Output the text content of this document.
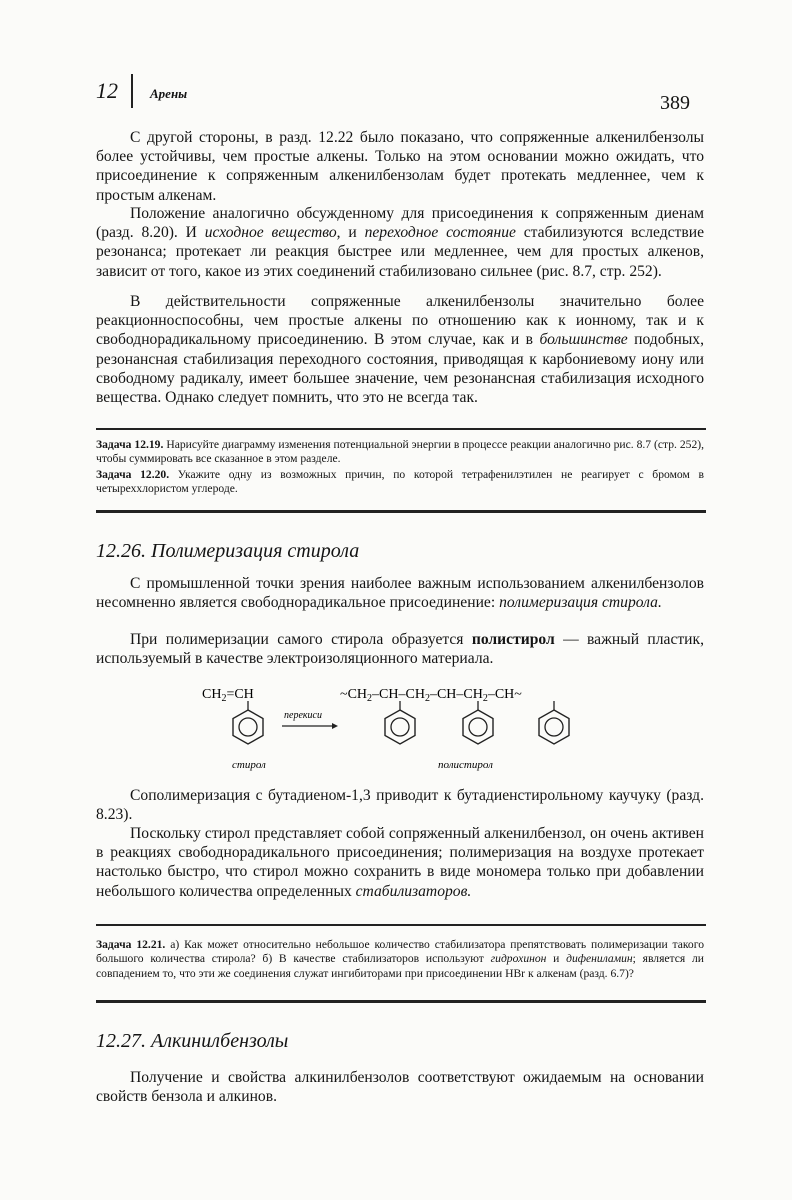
12 Арены	389
С другой стороны, в разд. 12.22 было показано, что сопряженные алкенилбензолы более устойчивы, чем простые алкены. Только на этом основании можно ожидать, что присоединение к сопряженным алкенилбензолам будет протекать медленнее, чем к простым алкенам.
Положение аналогично обсужденному для присоединения к сопряженным диенам (разд. 8.20). И исходное вещество, и переходное состояние стабилизуются вследствие резонанса; протекает ли реакция быстрее или медленнее, чем для простых алкенов, зависит от того, какое из этих соединений стабилизовано сильнее (рис. 8.7, стр. 252).
В действительности сопряженные алкенилбензолы значительно более реакционноспособны, чем простые алкены по отношению как к ионному, так и к свободнорадикальному присоединению. В этом случае, как и в большинстве подобных, резонансная стабилизация переходного состояния, приводящая к карбониевому иону или свободному радикалу, имеет большее значение, чем резонансная стабилизация исходного вещества. Однако следует помнить, что это не всегда так.
Задача 12.19. Нарисуйте диаграмму изменения потенциальной энергии в процессе реакции аналогично рис. 8.7 (стр. 252), чтобы суммировать все сказанное в этом разделе.
Задача 12.20. Укажите одну из возможных причин, по которой тетрафенилэтилен не реагирует с бромом в четыреххлористом углероде.
12.26. Полимеризация стирола
С промышленной точки зрения наиболее важным использованием алкенилбензолов несомненно является свободнорадикальное присоединение: полимеризация стирола.
При полимеризации самого стирола образуется полистирол — важный пластик, используемый в качестве электроизоляционного материала.
$CH_2=CH$
перекиси
$\sim CH_2-CH-CH_2-CH-CH_2-CH\sim$
стирол	полистирол
Сополимеризация с бутадиеном-1,3 приводит к бутадиенстирольному каучуку (разд. 8.23).
Поскольку стирол представляет собой сопряженный алкенилбензол, он очень активен в реакциях свободнорадикального присоединения; полимеризация на воздухе протекает настолько быстро, что стирол можно сохранить в виде мономера только при добавлении небольшого количества определенных стабилизаторов.
Задача 12.21. а) Как может относительно небольшое количество стабилизатора препятствовать полимеризации такого большого количества стирола? б) В качестве стабилизаторов используют гидрохинон и дифениламин; является ли совпадением то, что эти же соединения служат ингибиторами при присоединении HBr к алкенам (разд. 6.7)?
12.27. Алкинилбензолы
Получение и свойства алкинилбензолов соответствуют ожидаемым на основании свойств бензола и алкинов.
